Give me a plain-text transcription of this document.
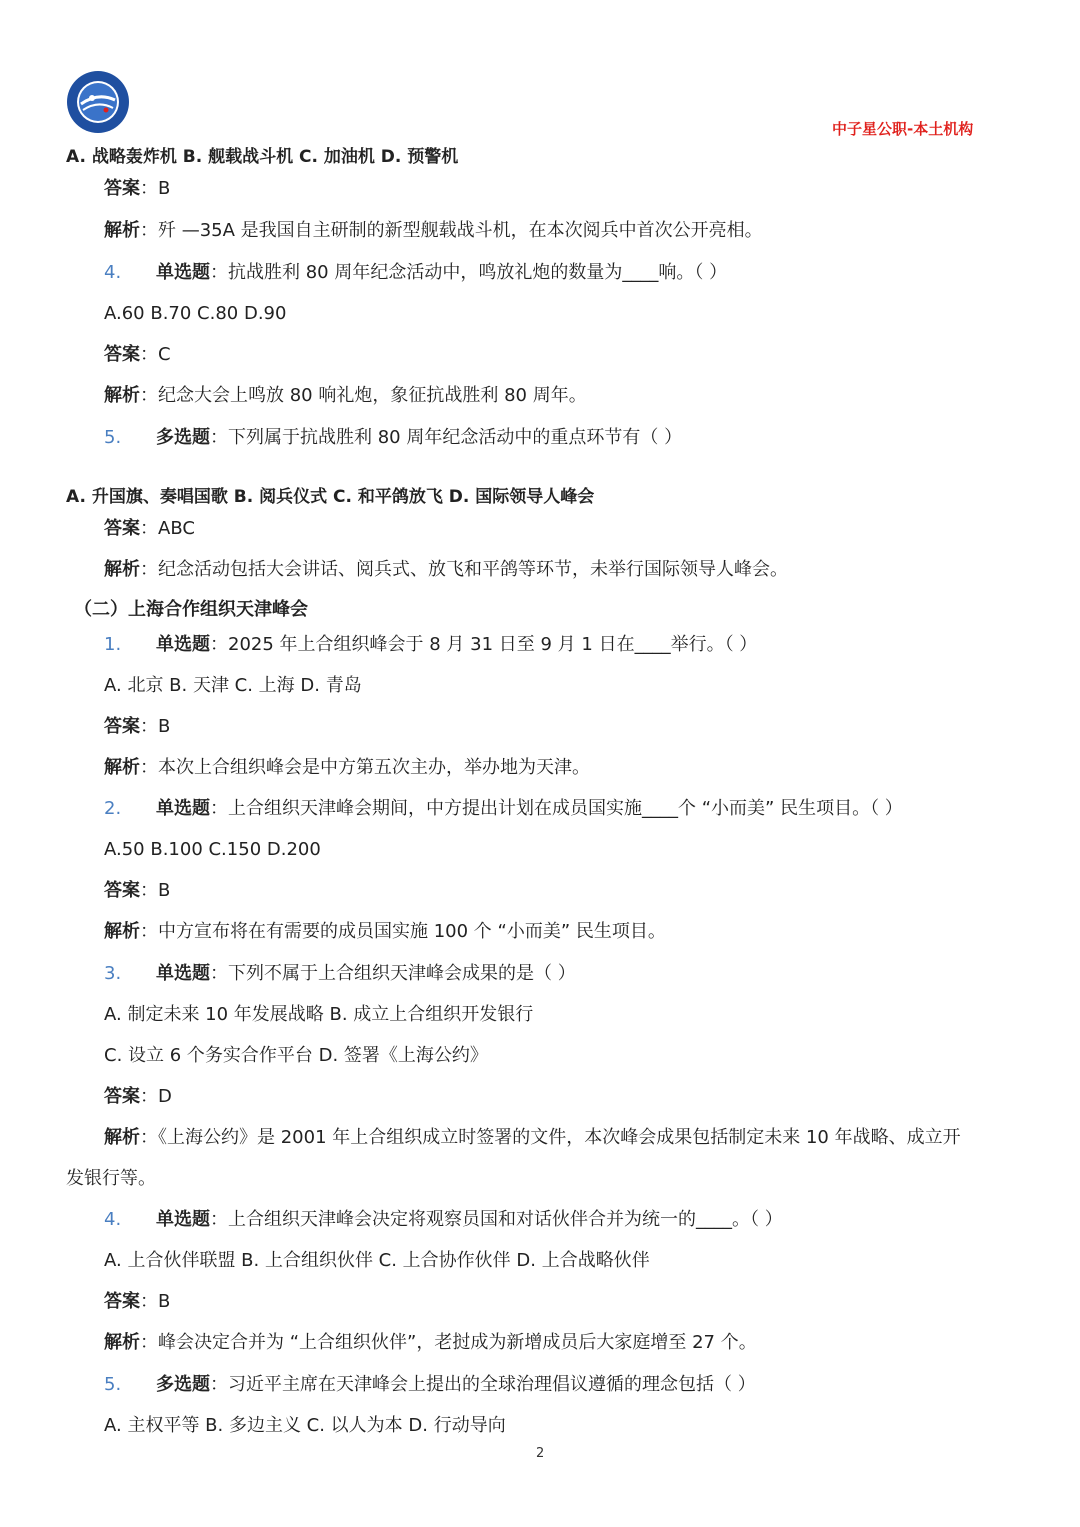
中子星公职-本土机构
A. 战略轰炸机 B. 舰载战斗机 C. 加油机 D. 预警机
答案：B
解析：歼 —35A 是我国自主研制的新型舰载战斗机，在本次阅兵中首次公开亮相。
4. 单选题：抗战胜利 80 周年纪念活动中，鸣放礼炮的数量为____响。（ ）
A.60 B.70 C.80 D.90
答案：C
解析：纪念大会上鸣放 80 响礼炮，象征抗战胜利 80 周年。
5. 多选题：下列属于抗战胜利 80 周年纪念活动中的重点环节有（ ）
A. 升国旗、奏唱国歌 B. 阅兵仪式 C. 和平鸽放飞 D. 国际领导人峰会
答案：ABC
解析：纪念活动包括大会讲话、阅兵式、放飞和平鸽等环节，未举行国际领导人峰会。
（二）上海合作组织天津峰会
1. 单选题：2025 年上合组织峰会于 8 月 31 日至 9 月 1 日在____举行。（ ）
A. 北京 B. 天津 C. 上海 D. 青岛
答案：B
解析：本次上合组织峰会是中方第五次主办，举办地为天津。
2. 单选题：上合组织天津峰会期间，中方提出计划在成员国实施____个 “小而美” 民生项目。（ ）
A.50 B.100 C.150 D.200
答案：B
解析：中方宣布将在有需要的成员国实施 100 个 “小而美” 民生项目。
3. 单选题：下列不属于上合组织天津峰会成果的是（ ）
A. 制定未来 10 年发展战略 B. 成立上合组织开发银行
C. 设立 6 个务实合作平台 D. 签署《上海公约》
答案：D
解析：《上海公约》是 2001 年上合组织成立时签署的文件，本次峰会成果包括制定未来 10 年战略、成立开
发银行等。
4. 单选题：上合组织天津峰会决定将观察员国和对话伙伴合并为统一的____。（ ）
A. 上合伙伴联盟 B. 上合组织伙伴 C. 上合协作伙伴 D. 上合战略伙伴
答案：B
解析：峰会决定合并为 “上合组织伙伴”，老挝成为新增成员后大家庭增至 27 个。
5. 多选题：习近平主席在天津峰会上提出的全球治理倡议遵循的理念包括（ ）
A. 主权平等 B. 多边主义 C. 以人为本 D. 行动导向
2
